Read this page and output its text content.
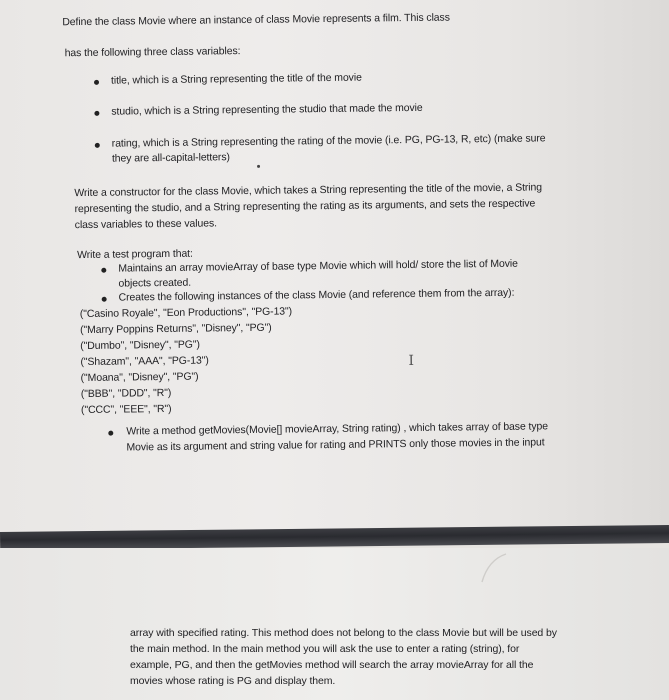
Define the class Movie where an instance of class Movie represents a film. This class
has the following three class variables:
title, which is a String representing the title of the movie
studio, which is a String representing the studio that made the movie
rating, which is a String representing the rating of the movie (i.e. PG, PG-13, R, etc) (make sure
they are all-capital-letters)
Write a constructor for the class Movie, which takes a String representing the title of the movie, a String
representing the studio, and a String representing the rating as its arguments, and sets the respective
class variables to these values.
Write a test program that:
Maintains an array movieArray of base type Movie which will hold/ store the list of Movie
objects created.
Creates the following instances of the class Movie (and reference them from the array):
("Casino Royale", "Eon Productions", "PG-13")
("Marry Poppins Returns", "Disney", "PG")
("Dumbo", "Disney", "PG")
("Shazam", "AAA", "PG-13")
("Moana", "Disney", "PG")
("BBB", "DDD", "R")
("CCC", "EEE", "R")
I
Write a method getMovies(Movie[] movieArray, String rating) , which takes array of base type
Movie as its argument and string value for rating and PRINTS only those movies in the input
array with specified rating. This method does not belong to the class Movie but will be used by
the main method. In the main method you will ask the use to enter a rating (string), for
example, PG, and then the getMovies method will search the array movieArray for all the
movies whose rating is PG and display them.
